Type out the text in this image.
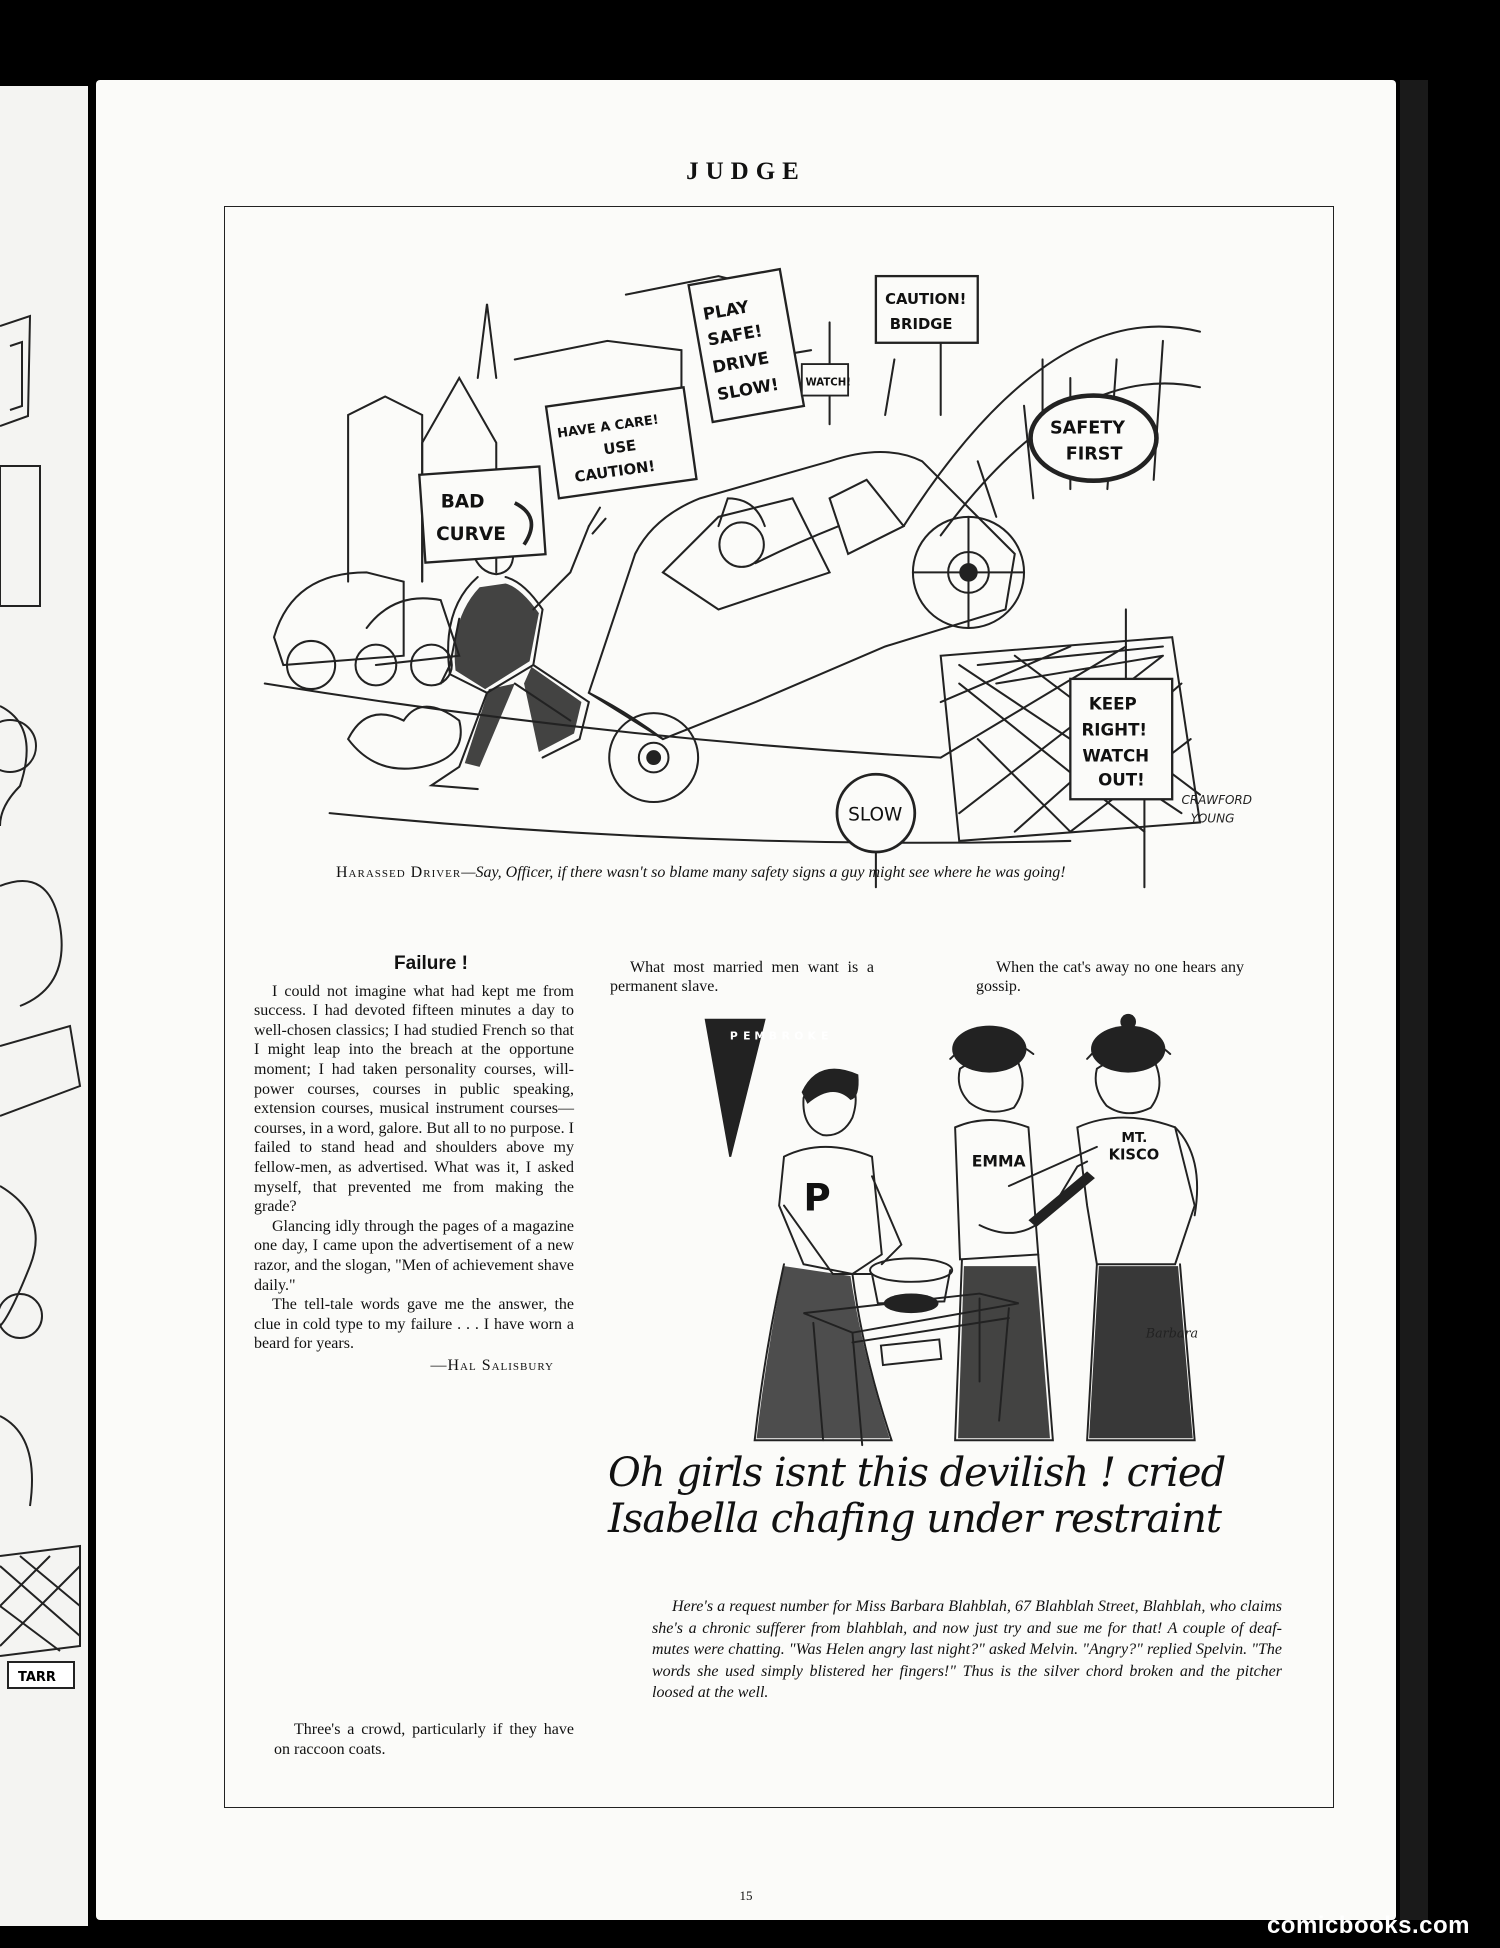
TARR
JUDGE
BAD
CURVE
HAVE A CARE!
USE
CAUTION!
PLAY
SAFE!
DRIVE
SLOW! WATCH!
CAUTION!
BRIDGE
SAFETY
FIRST
KEEP
RIGHT!
WATCH
OUT!
SLOW
CRAWFORD
YOUNG
Harassed Driver—Say, Officer, if there wasn't so blame many safety signs a guy might see where he was going!
Failure !

I could not imagine what had kept me from success. I had devoted fifteen minutes a day to well-chosen classics; I had studied French so that I might leap into the breach at the opportune moment; I had taken personality courses, will-power courses, courses in public speaking, extension courses, musical instrument courses—courses, in a word, galore. But all to no purpose. I failed to stand head and shoulders above my fellow-men, as advertised. What was it, I asked myself, that prevented me from making the grade?

Glancing idly through the pages of a magazine one day, I came upon the advertisement of a new razor, and the slogan, "Men of achievement shave daily."

The tell-tale words gave me the answer, the clue in cold type to my failure . . . I have worn a beard for years.

—Hal Salisbury
Three's a crowd, particularly if they have on raccoon coats.
What most married men want is a permanent slave.
When the cat's away no one hears any gossip.
PEMBROKE
P
EMMA
MT.
KISCO
Barbara
Oh girls isnt this devilish ! cried
Isabella chafing under restraint
Here's a request number for Miss Barbara Blahblah, 67 Blahblah Street, Blahblah, who claims she's a chronic sufferer from blahblah, and now just try and sue me for that! A couple of deaf-mutes were chatting. "Was Helen angry last night?" asked Melvin. "Angry?" replied Spelvin. "The words she used simply blistered her fingers!" Thus is the silver chord broken and the pitcher loosed at the well.
15
comicbooks.com
